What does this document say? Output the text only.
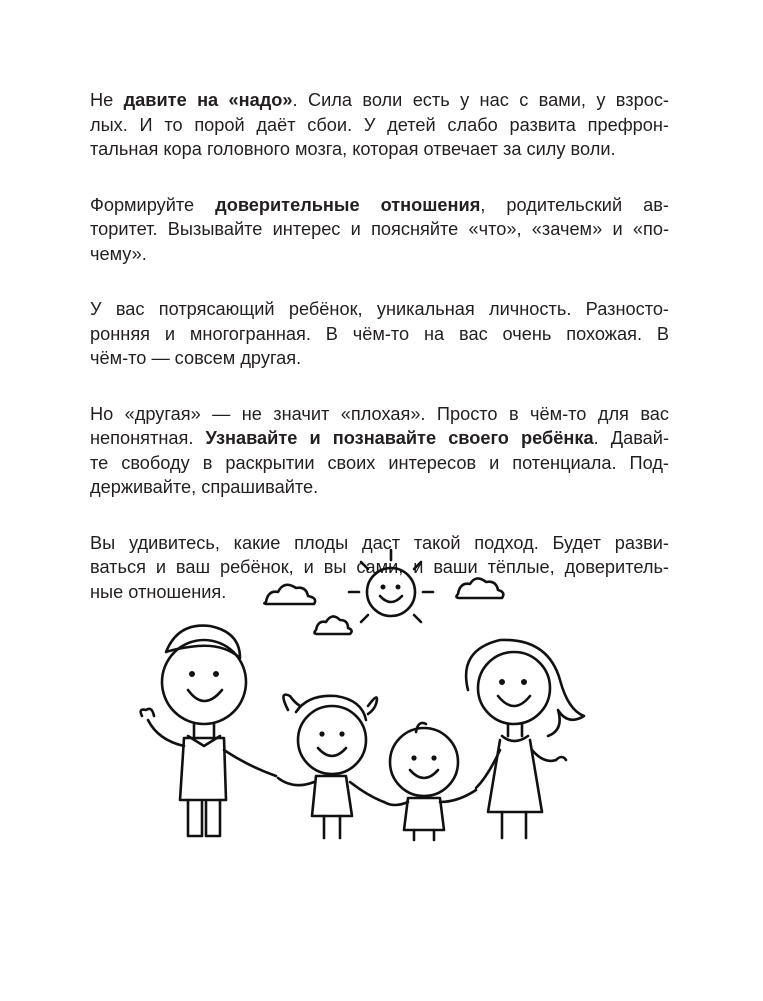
Не давите на «надо». Сила воли есть у нас с вами, у взрос-
лых. И то порой даёт сбои. У детей слабо развита префрон-
тальная кора головного мозга, которая отвечает за силу воли.

Формируйте доверительные отношения, родительский ав-
торитет. Вызывайте интерес и поясняйте «что», «зачем» и «по-
чему».

У вас потрясающий ребёнок, уникальная личность. Разносто-
ронняя и многогранная. В чём-то на вас очень похожая. В
чём-то — совсем другая.

Но «другая» — не значит «плохая». Просто в чём-то для вас
непонятная. Узнавайте и познавайте своего ребёнка. Давай-
те свободу в раскрытии своих интересов и потенциала. Под-
держивайте, спрашивайте.

Вы удивитесь, какие плоды даст такой подход. Будет разви-
ваться и ваш ребёнок, и вы сами, и ваши тёплые, доверитель-
ные отношения.
